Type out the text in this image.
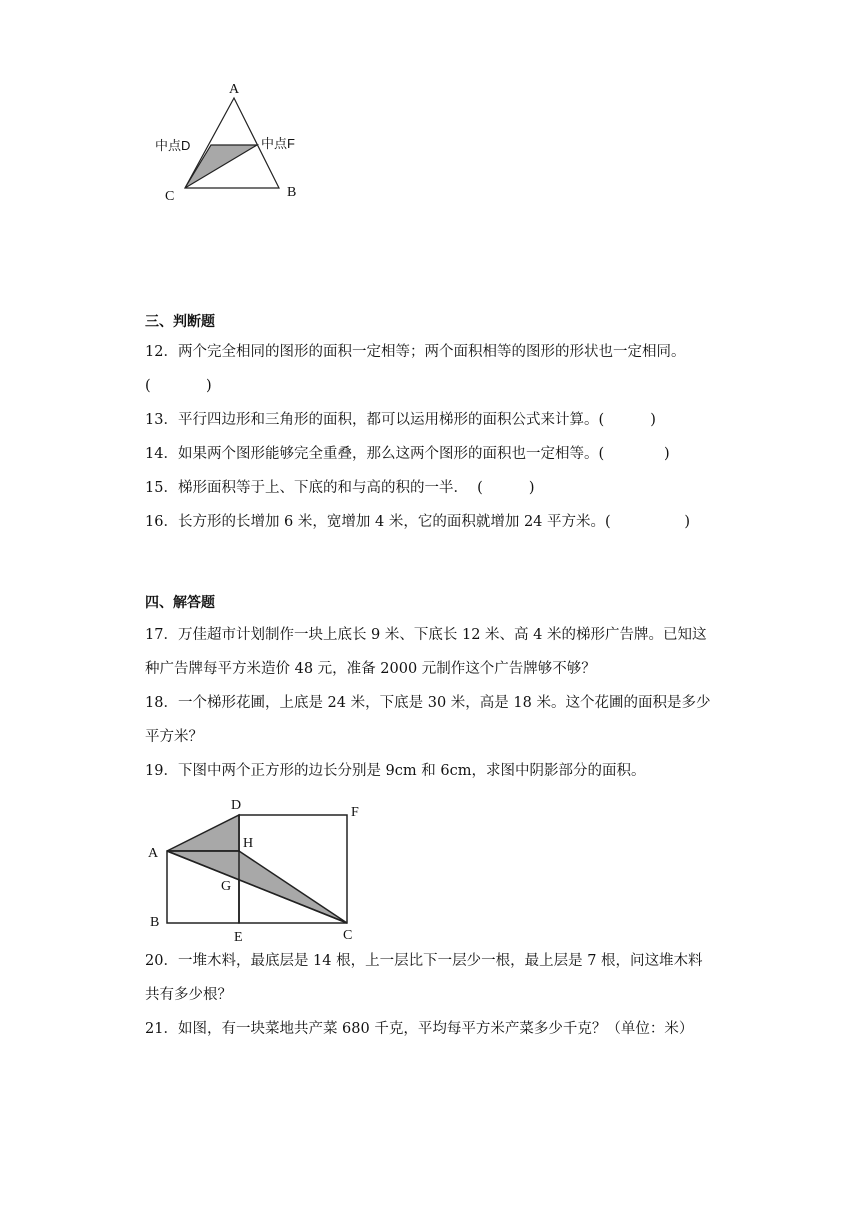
A
中点D	中点F
C	B
三、判断题
12．两个完全相同的图形的面积一定相等；两个面积相等的图形的形状也一定相同。
(            )
13．平行四边形和三角形的面积，都可以运用梯形的面积公式来计算。(          )
14．如果两个图形能够完全重叠，那么这两个图形的面积也一定相等。(             )
15．梯形面积等于上、下底的和与高的积的一半．  (          )
16．长方形的长增加 6 米，宽增加 4 米，它的面积就增加 24 平方米。(                )
四、解答题
17．万佳超市计划制作一块上底长 9 米、下底长 12 米、高 4 米的梯形广告牌。已知这
种广告牌每平方米造价 48 元，准备 2000 元制作这个广告牌够不够？
18．一个梯形花圃，上底是 24 米，下底是 30 米，高是 18 米。这个花圃的面积是多少
平方米？
19．下图中两个正方形的边长分别是 9cm 和 6cm，求图中阴影部分的面积。
D	F
A
H
G
B
E	C
20．一堆木料，最底层是 14 根，上一层比下一层少一根，最上层是 7 根，问这堆木料
共有多少根？
21．如图，有一块菜地共产菜 680 千克，平均每平方米产菜多少千克？（单位：米）
